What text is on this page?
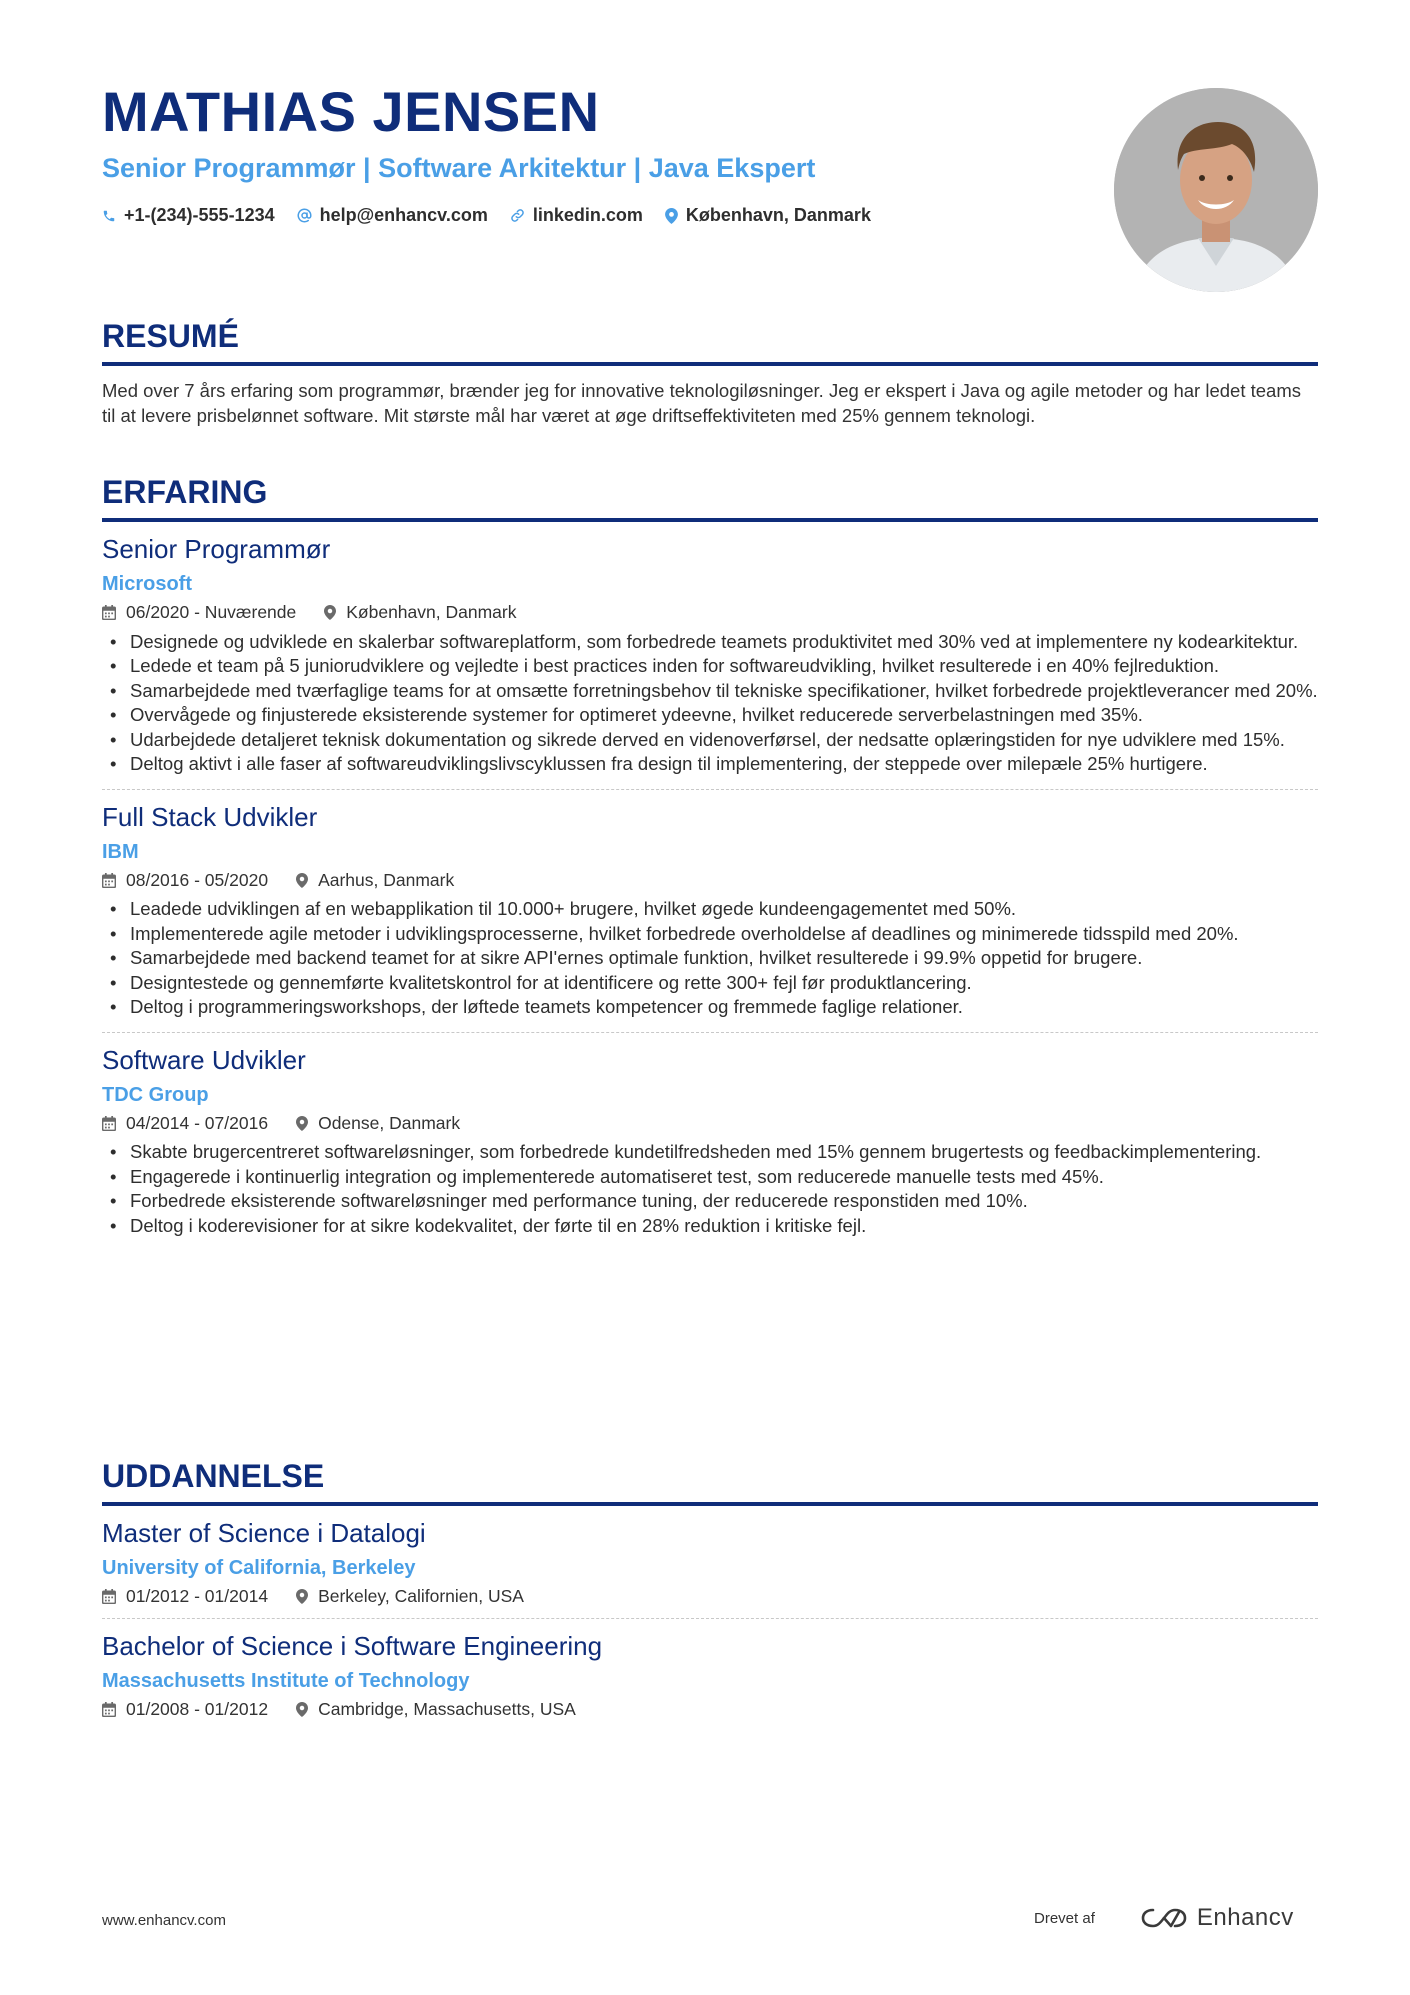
MATHIAS JENSEN
Senior Programmør | Software Arkitektur | Java Ekspert
+1-(234)-555-1234	help@enhancv.com	linkedin.com København, Danmark
RESUMÉ

Med over 7 års erfaring som programmør, brænder jeg for innovative teknologiløsninger. Jeg er ekspert i Java og agile metoder og har ledet teams til at levere prisbelønnet software. Mit største mål har været at øge driftseffektiviteten med 25% gennem teknologi.

ERFARING
Senior Programmør
Microsoft
06/2020 - Nuværende	København, Danmark
• Designede og udviklede en skalerbar softwareplatform, som forbedrede teamets produktivitet med 30% ved at implementere ny kodearkitektur.
• Ledede et team på 5 juniorudviklere og vejledte i best practices inden for softwareudvikling, hvilket resulterede i en 40% fejlreduktion.
• Samarbejdede med tværfaglige teams for at omsætte forretningsbehov til tekniske specifikationer, hvilket forbedrede projektleverancer med 20%.
• Overvågede og finjusterede eksisterende systemer for optimeret ydeevne, hvilket reducerede serverbelastningen med 35%.
• Udarbejdede detaljeret teknisk dokumentation og sikrede derved en videnoverførsel, der nedsatte oplæringstiden for nye udviklere med 15%.
• Deltog aktivt i alle faser af softwareudviklingslivscyklussen fra design til implementering, der steppede over milepæle 25% hurtigere.
Full Stack Udvikler
IBM
08/2016 - 05/2020	Aarhus, Danmark
• Leadede udviklingen af en webapplikation til 10.000+ brugere, hvilket øgede kundeengagementet med 50%.
• Implementerede agile metoder i udviklingsprocesserne, hvilket forbedrede overholdelse af deadlines og minimerede tidsspild med 20%.
• Samarbejdede med backend teamet for at sikre API'ernes optimale funktion, hvilket resulterede i 99.9% oppetid for brugere.
• Designtestede og gennemførte kvalitetskontrol for at identificere og rette 300+ fejl før produktlancering.
• Deltog i programmeringsworkshops, der løftede teamets kompetencer og fremmede faglige relationer.
Software Udvikler
TDC Group
04/2014 - 07/2016	Odense, Danmark
• Skabte brugercentreret softwareløsninger, som forbedrede kundetilfredsheden med 15% gennem brugertests og feedbackimplementering.
• Engagerede i kontinuerlig integration og implementerede automatiseret test, som reducerede manuelle tests med 45%.
• Forbedrede eksisterende softwareløsninger med performance tuning, der reducerede responstiden med 10%.
• Deltog i koderevisioner for at sikre kodekvalitet, der førte til en 28% reduktion i kritiske fejl.
UDDANNELSE
Master of Science i Datalogi
University of California, Berkeley
01/2012 - 01/2014	Berkeley, Californien, USA
Bachelor of Science i Software Engineering
Massachusetts Institute of Technology
01/2008 - 01/2012	Cambridge, Massachusetts, USA
www.enhancv.com	Drevet af	Enhancv
